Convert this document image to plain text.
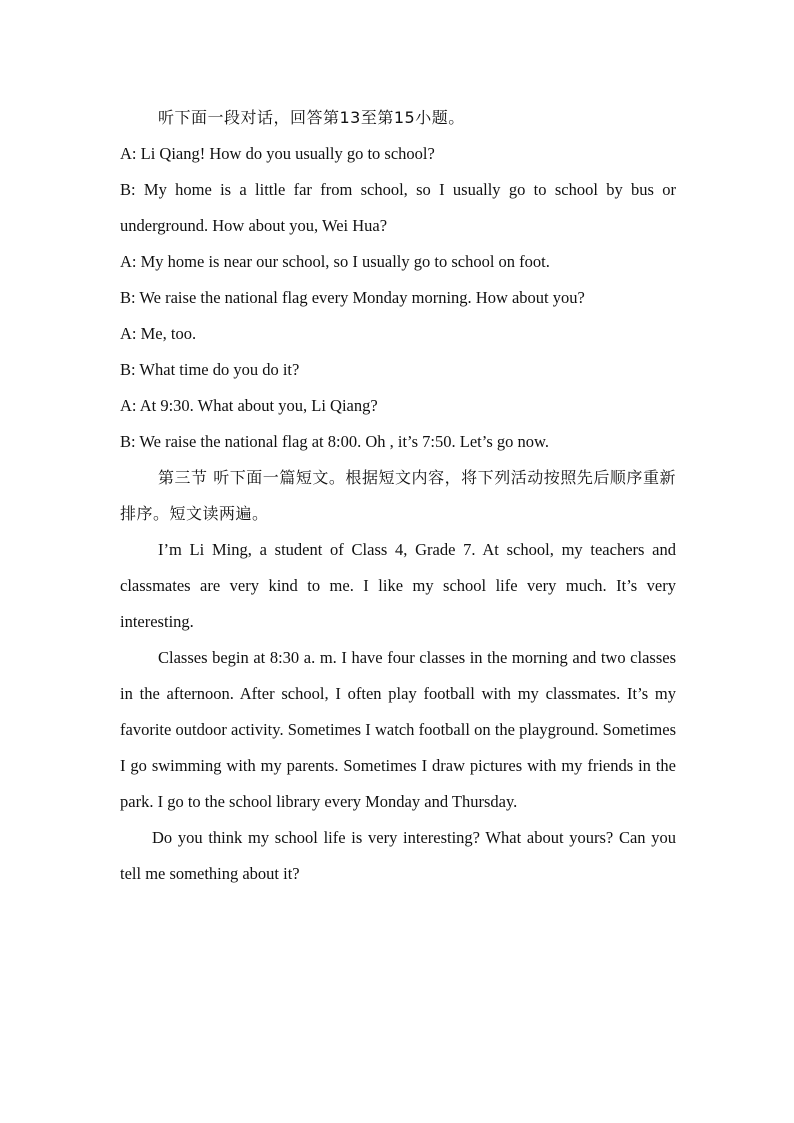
听下面一段对话，回答第13至第15小题。
A: Li Qiang! How do you usually go to school?
B: My home is a little far from school, so I usually go to school by bus or underground. How about you, Wei Hua?
A: My home is near our school, so I usually go to school on foot.
B: We raise the national flag every Monday morning. How about you?
A: Me, too.
B: What time do you do it?
A: At 9:30. What about you, Li Qiang?
B: We raise the national flag at 8:00. Oh , it’s 7:50. Let’s go now.
第三节 听下面一篇短文。根据短文内容，将下列活动按照先后顺序重新排序。短文读两遍。
I’m Li Ming, a student of Class 4, Grade 7. At school, my teachers and classmates are very kind to me. I like my school life very much. It’s very interesting.
Classes begin at 8:30 a. m. I have four classes in the morning and two classes in the afternoon. After school, I often play football with my classmates. It’s my favorite outdoor activity. Sometimes I watch football on the playground. Sometimes I go swimming with my parents. Sometimes I draw pictures with my friends in the park. I go to the school library every Monday and Thursday.
Do you think my school life is very interesting? What about yours? Can you tell me something about it?
